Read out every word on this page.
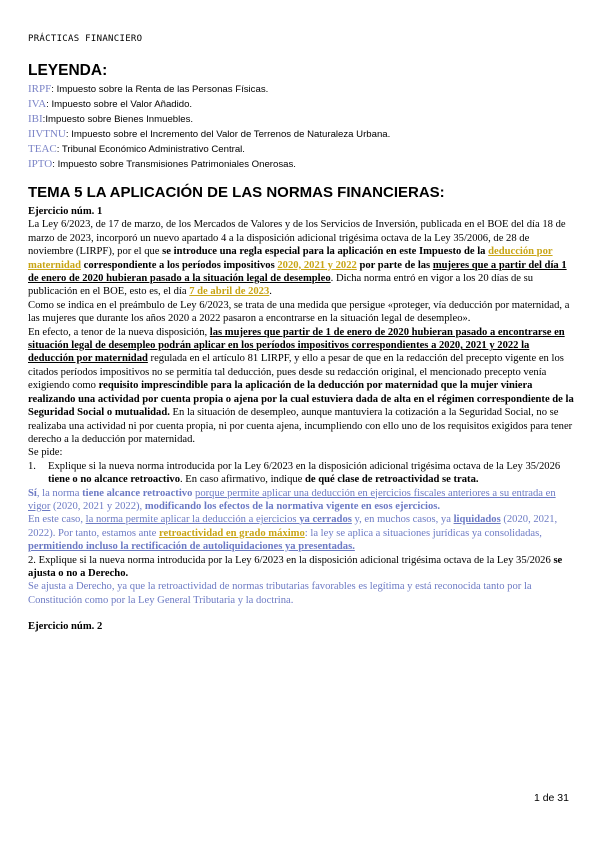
PRÁCTICAS FINANCIERO
LEYENDA:
IRPF: Impuesto sobre la Renta de las Personas Físicas.
IVA: Impuesto sobre el Valor Añadido.
IBI:Impuesto sobre Bienes Inmuebles.
IIVTNU: Impuesto sobre el Incremento del Valor de Terrenos de Naturaleza Urbana.
TEAC: Tribunal Económico Administrativo Central.
IPTO: Impuesto sobre Transmisiones Patrimoniales Onerosas.
TEMA 5 LA APLICACIÓN DE LAS NORMAS FINANCIERAS:

Ejercicio núm. 1

La Ley 6/2023, de 17 de marzo, de los Mercados de Valores y de los Servicios de Inversión, publicada en el BOE del día 18 de marzo de 2023, incorporó un nuevo apartado 4 a la disposición adicional trigésima octava de la Ley 35/2006, de 28 de noviembre (LIRPF), por el que se introduce una regla especial para la aplicación en este Impuesto de la deducción por maternidad correspondiente a los períodos impositivos 2020, 2021 y 2022 por parte de las mujeres que a partir del día 1 de enero de 2020 hubieran pasado a la situación legal de desempleo. Dicha norma entró en vigor a los 20 días de su publicación en el BOE, esto es, el día 7 de abril de 2023.

Como se indica en el preámbulo de Ley 6/2023, se trata de una medida que persigue «proteger, vía deducción por maternidad, a las mujeres que durante los años 2020 a 2022 pasaron a encontrarse en la situación legal de desempleo».

En efecto, a tenor de la nueva disposición, las mujeres que partir de 1 de enero de 2020 hubieran pasado a encontrarse en situación legal de desempleo podrán aplicar en los períodos impositivos correspondientes a 2020, 2021 y 2022 la deducción por maternidad regulada en el artículo 81 LIRPF, y ello a pesar de que en la redacción del precepto vigente en los citados períodos impositivos no se permitía tal deducción, pues desde su redacción original, el mencionado precepto venía exigiendo como requisito imprescindible para la aplicación de la deducción por maternidad que la mujer viniera realizando una actividad por cuenta propia o ajena por la cual estuviera dada de alta en el régimen correspondiente de la Seguridad Social o mutualidad. En la situación de desempleo, aunque mantuviera la cotización a la Seguridad Social, no se realizaba una actividad ni por cuenta propia, ni por cuenta ajena, incumpliendo con ello uno de los requisitos exigidos para tener derecho a la deducción por maternidad.

Se pide:

1.	Explique si la nueva norma introducida por la Ley 6/2023 en la disposición adicional trigésima octava de la Ley 35/2026 tiene o no alcance retroactivo. En caso afirmativo, indique de qué clase de retroactividad se trata.

Sí, la norma tiene alcance retroactivo porque permite aplicar una deducción en ejercicios fiscales anteriores a su entrada en vigor (2020, 2021 y 2022), modificando los efectos de la normativa vigente en esos ejercicios.

En este caso, la norma permite aplicar la deducción a ejercicios ya cerrados y, en muchos casos, ya liquidados (2020, 2021, 2022). Por tanto, estamos ante retroactividad en grado máximo: la ley se aplica a situaciones jurídicas ya consolidadas, permitiendo incluso la rectificación de autoliquidaciones ya presentadas.

2. Explique si la nueva norma introducida por la Ley 6/2023 en la disposición adicional trigésima octava de la Ley 35/2026 se ajusta o no a Derecho.

Se ajusta a Derecho, ya que la retroactividad de normas tributarias favorables es legítima y está reconocida tanto por la Constitución como por la Ley General Tributaria y la doctrina.

Ejercicio núm. 2

1 de 31
